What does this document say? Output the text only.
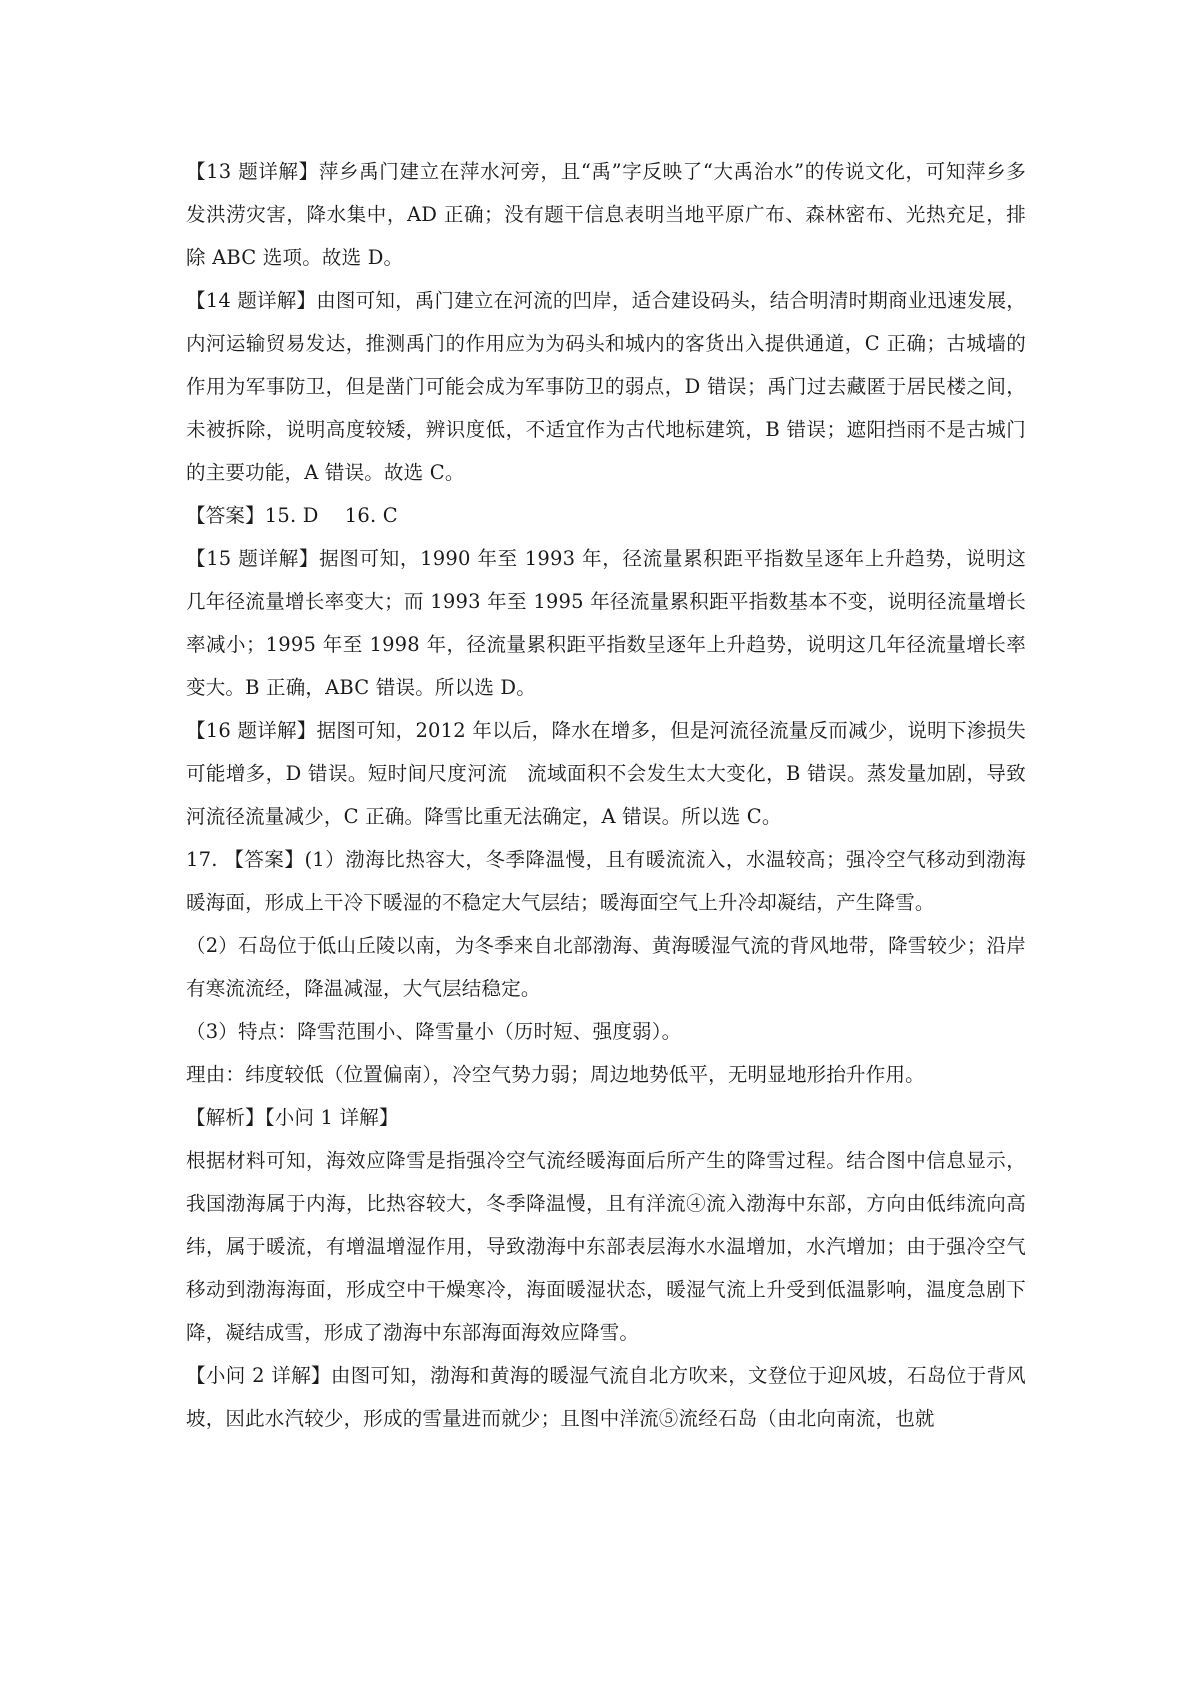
【13 题详解】萍乡禹门建立在萍水河旁，且“禹”字反映了“大禹治水”的传说文化，可知萍乡多发洪涝灾害，降水集中，AD 正确；没有题干信息表明当地平原广布、森林密布、光热充足，排除 ABC 选项。故选 D。

【14 题详解】由图可知，禹门建立在河流的凹岸，适合建设码头，结合明清时期商业迅速发展，内河运输贸易发达，推测禹门的作用应为为码头和城内的客货出入提供通道，C 正确；古城墙的作用为军事防卫，但是凿门可能会成为军事防卫的弱点，D 错误；禹门过去藏匿于居民楼之间，未被拆除，说明高度较矮，辨识度低，不适宜作为古代地标建筑，B 错误；遮阳挡雨不是古城门的主要功能，A 错误。故选 C。

【答案】15. D　 16. C

【15 题详解】据图可知，1990 年至 1993 年，径流量累积距平指数呈逐年上升趋势，说明这几年径流量增长率变大；而 1993 年至 1995 年径流量累积距平指数基本不变，说明径流量增长率减小；1995 年至 1998 年，径流量累积距平指数呈逐年上升趋势，说明这几年径流量增长率变大。B 正确，ABC 错误。所以选 D。

【16 题详解】据图可知，2012 年以后，降水在增多，但是河流径流量反而减少，说明下渗损失可能增多，D 错误。短时间尺度河流　流域面积不会发生太大变化，B 错误。蒸发量加剧，导致河流径流量减少，C 正确。降雪比重无法确定，A 错误。所以选 C。

17. 【答案】(1）渤海比热容大，冬季降温慢，且有暖流流入，水温较高；强冷空气移动到渤海暖海面，形成上干冷下暖湿的不稳定大气层结；暖海面空气上升冷却凝结，产生降雪。

（2）石岛位于低山丘陵以南，为冬季来自北部渤海、黄海暖湿气流的背风地带，降雪较少；沿岸有寒流流经，降温减湿，大气层结稳定。

（3）特点：降雪范围小、降雪量小（历时短、强度弱）。

理由：纬度较低（位置偏南），冷空气势力弱；周边地势低平，无明显地形抬升作用。

【解析】【小问 1 详解】

根据材料可知，海效应降雪是指强冷空气流经暖海面后所产生的降雪过程。结合图中信息显示，我国渤海属于内海，比热容较大，冬季降温慢，且有洋流④流入渤海中东部，方向由低纬流向高纬，属于暖流，有增温增湿作用，导致渤海中东部表层海水水温增加，水汽增加；由于强冷空气移动到渤海海面，形成空中干燥寒冷，海面暖湿状态，暖湿气流上升受到低温影响，温度急剧下降，凝结成雪，形成了渤海中东部海面海效应降雪。

【小问 2 详解】由图可知，渤海和黄海的暖湿气流自北方吹来，文登位于迎风坡，石岛位于背风坡，因此水汽较少，形成的雪量进而就少；且图中洋流⑤流经石岛（由北向南流，也就
